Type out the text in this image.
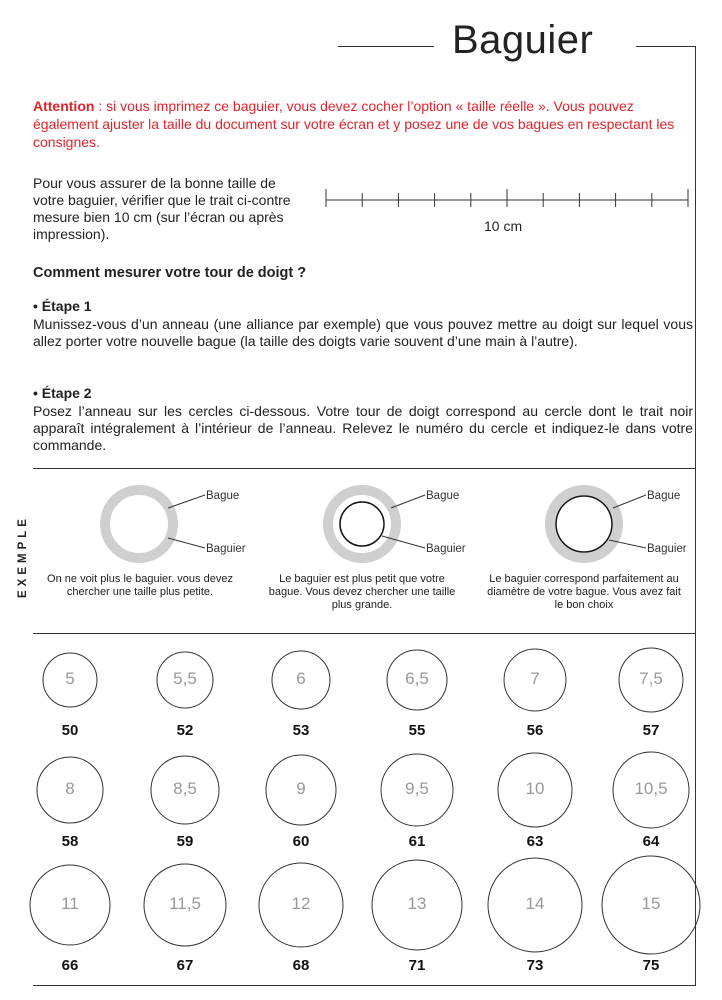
Baguier
Attention : si vous imprimez ce baguier, vous devez cocher l’option « taille réelle ». Vous pouvez également ajuster la taille du document sur votre écran et y posez une de vos bagues en respectant les consignes.
Pour vous assurer de la bonne taille de votre baguier, vérifier que le trait ci-contre mesure bien 10 cm (sur l’écran ou après impression).	10 cm
Comment mesurer votre tour de doigt ?
• Étape 1
Munissez-vous d’un anneau (une alliance par exemple) que vous pouvez mettre au doigt sur lequel vous allez porter votre nouvelle bague (la taille des doigts varie souvent d’une main à l’autre).
• Étape 2
Posez l’anneau sur les cercles ci-dessous. Votre tour de doigt correspond au cercle dont le trait noir apparaît intégralement à l’intérieur de l’anneau. Relevez le numéro du cercle et indiquez-le dans votre commande.
EXEMPLE
Bague
Baguier
Bague
Baguier
Bague
Baguier
On ne voit plus le baguier. vous devez chercher une taille plus petite.
Le baguier est plus petit que votre bague. Vous devez chercher une taille plus grande.
Le baguier correspond parfaitement au diamètre de votre bague. Vous avez fait le bon choix
5
50
5,5
52
6
53
6,5
55
7
56
7,5
57
8
58
8,5
59
9
60
9,5
61
10
63
10,5
64
11
66
11,5
67
12
68
13
71
14
73
15
75
